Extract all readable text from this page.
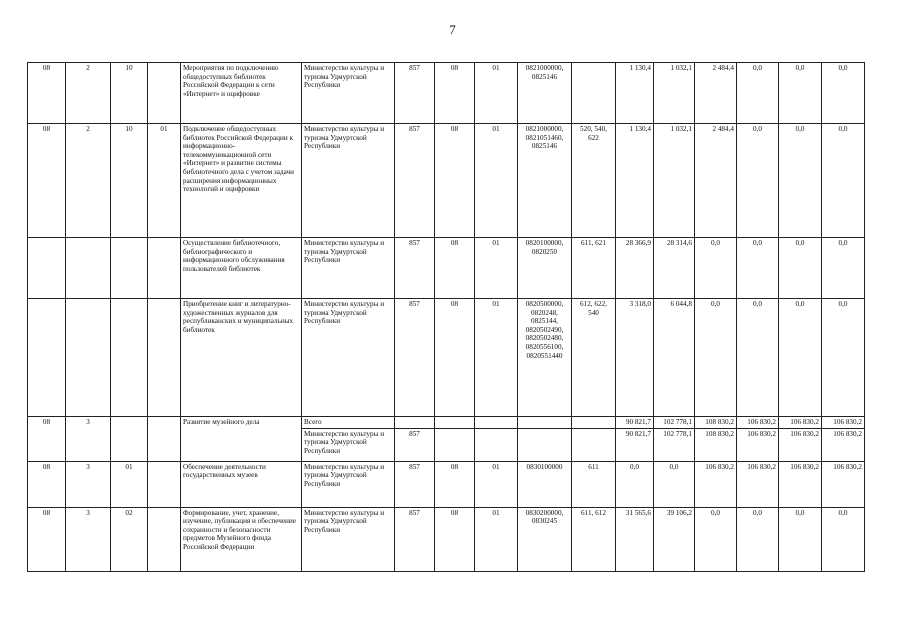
7
08	2	10		Мероприятия по подключению общедоступных библиотек Российской Федерации к сети «Интернет» и оцифровке	Министерство культуры и туризма Удмуртской Республики	857	08	01	0821000000, 0825146		1 130,4	1 032,1	2 484,4	0,0	0,0	0,0
08	2	10	01	Подключение общедоступных библиотек Российской Федерации к информационно-телекоммуникационной сети «Интернет» и развитие системы библиотечного дела с учетом задачи расширения информационных технологий и оцифровки	Министерство культуры и туризма Удмуртской Республики	857	08	01	0821000000, 0821051460, 0825146	520, 540, 622	1 130,4	1 032,1	2 484,4	0,0	0,0	0,0
				Осуществление библиотечного, библиографического и информационного обслуживания пользователей библиотек	Министерство культуры и туризма Удмуртской Республики	857	08	01	0820100000, 0820250	611, 621	28 366,9	28 314,6	0,0	0,0	0,0	0,0
				Приобретение книг и литературно-художественных журналов для республиканских и муниципальных библиотек	Министерство культуры и туризма Удмуртской Республики	857	08	01	0820500000, 0820248, 0825144, 0820502490, 0820502480, 0820556100, 0820551440	612, 622, 540	3 318,0	6 044,8	0,0	0,0	0,0	0,0
08	3			Развитие музейного дела	Всего						90 821,7	102 778,1	108 830,2	106 830,2	106 830,2	106 830,2
					Министерство культуры и туризма Удмуртской Республики	857					90 821,7	102 778,1	108 830,2	106 830,2	106 830,2	106 830,2
08	3	01		Обеспечение деятельности государственных музеев	Министерство культуры и туризма Удмуртской Республики	857	08	01	0830100000	611	0,0	0,0	106 830,2	106 830,2	106 830,2	106 830,2
08	3	02		Формирование, учет, хранение, изучение, публикация и обеспечение сохранности и безопасности предметов Музейного фонда Российской Федерации	Министерство культуры и туризма Удмуртской Республики	857	08	01	0830200000, 0830245	611, 612	31 565,6	39 106,2	0,0	0,0	0,0	0,0
